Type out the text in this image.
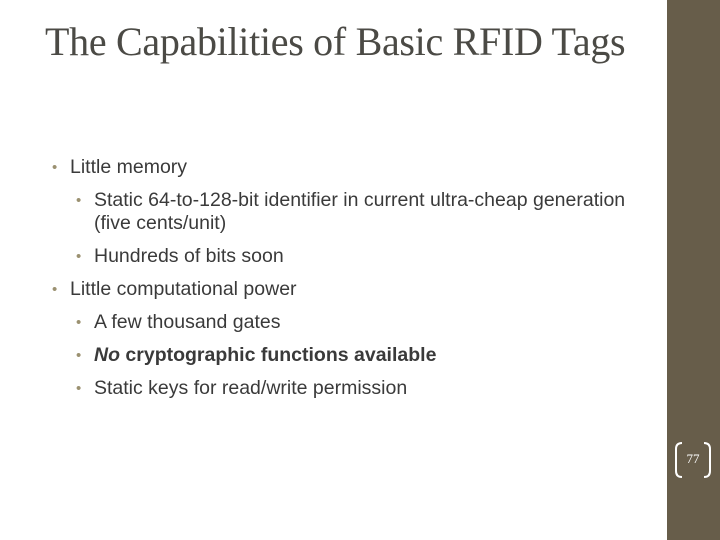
The Capabilities of Basic RFID Tags
• Little memory
• Static 64-to-128-bit identifier in current ultra-cheap generation (five cents/unit)
• Hundreds of bits soon
• Little computational power
• A few thousand gates
• No cryptographic functions available
• Static keys for read/write permission
77
